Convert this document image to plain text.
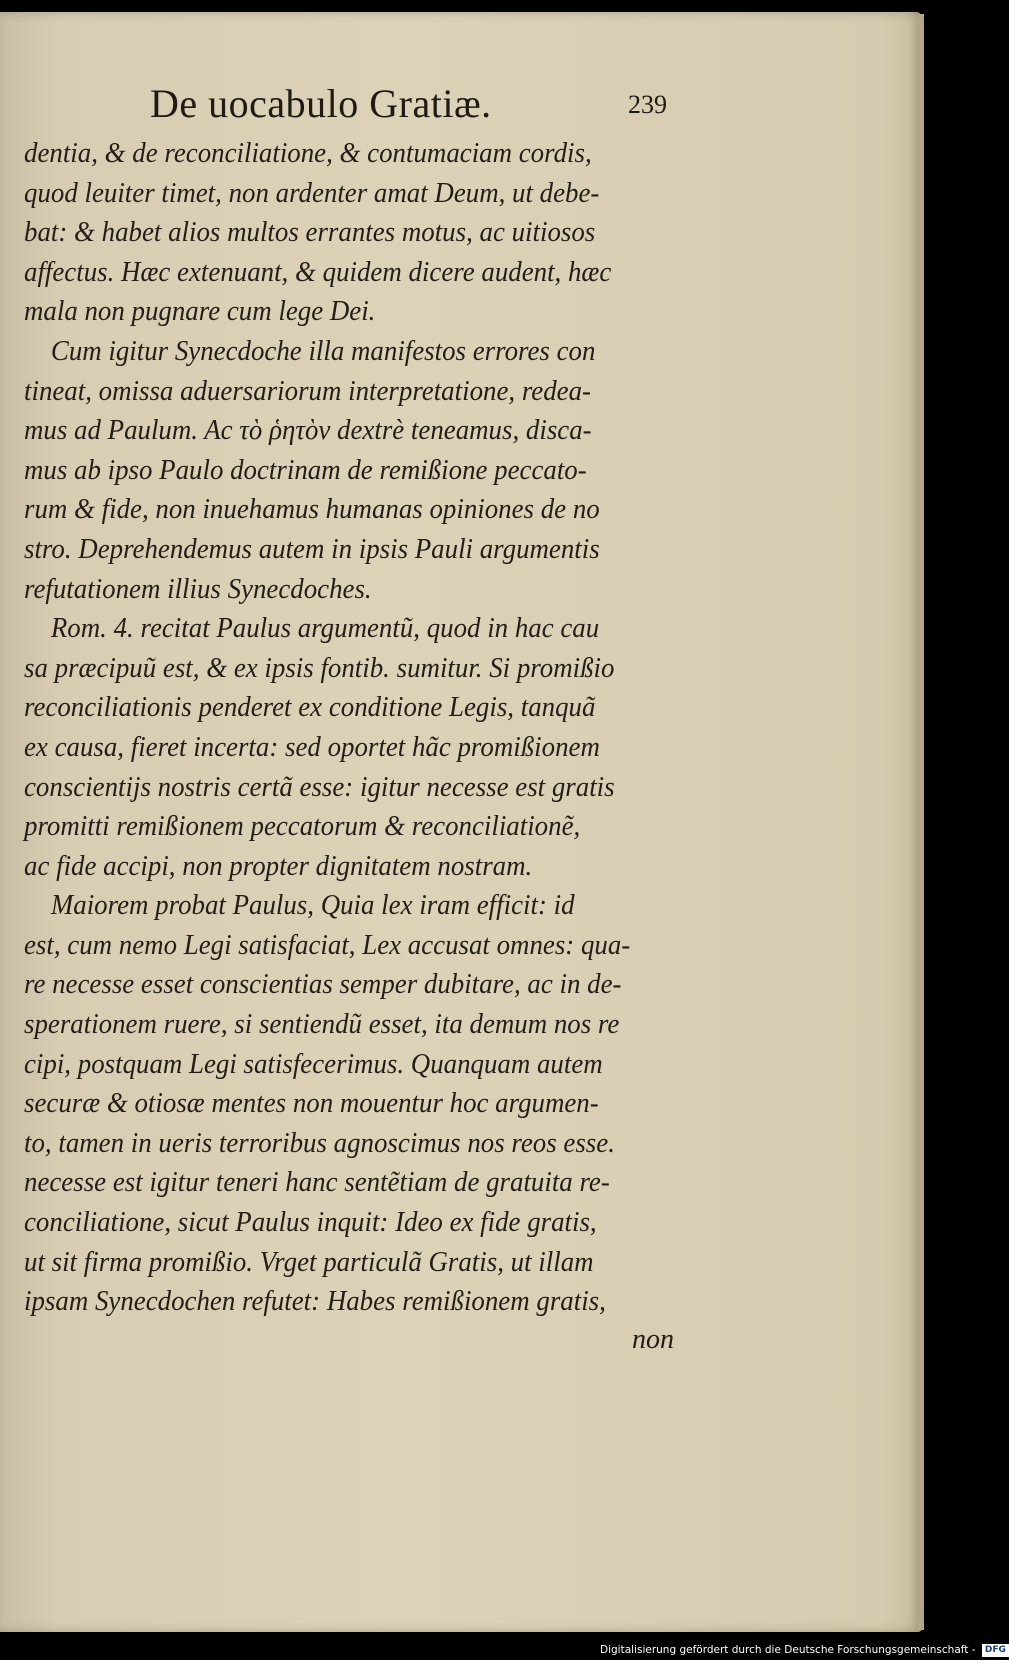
De uocabulo Gratiæ.	239
dentia, & de reconciliatione, & contumaciam cordis,
quod leuiter timet, non ardenter amat Deum, ut debe-
bat: & habet alios multos errantes motus, ac uitiosos
affectus. Hæc extenuant, & quidem dicere audent, hæc
mala non pugnare cum lege Dei.
Cum igitur Synecdoche illa manifestos errores con
tineat, omissa aduersariorum interpretatione, redea-
mus ad Paulum. Ac τὸ ῥητὸν dextrè teneamus, disca-
mus ab ipso Paulo doctrinam de remißione peccato-
rum & fide, non inuehamus humanas opiniones de no
stro. Deprehendemus autem in ipsis Pauli argumentis
refutationem illius Synecdoches.
Rom. 4. recitat Paulus argumentũ, quod in hac cau
sa præcipuũ est, & ex ipsis fontib. sumitur. Si promißio
reconciliationis penderet ex conditione Legis, tanquã
ex causa, fieret incerta: sed oportet hãc promißionem
conscientijs nostris certã esse: igitur necesse est gratis
promitti remißionem peccatorum & reconciliationẽ,
ac fide accipi, non propter dignitatem nostram.
Maiorem probat Paulus, Quia lex iram efficit: id
est, cum nemo Legi satisfaciat, Lex accusat omnes: qua-
re necesse esset conscientias semper dubitare, ac in de-
sperationem ruere, si sentiendũ esset, ita demum nos re
cipi, postquam Legi satisfecerimus. Quanquam autem
securæ & otiosæ mentes non mouentur hoc argumen-
to, tamen in ueris terroribus agnoscimus nos reos esse.
necesse est igitur teneri hanc sentẽtiam de gratuita re-
conciliatione, sicut Paulus inquit: Ideo ex fide gratis,
ut sit firma promißio. Vrget particulã Gratis, ut illam
ipsam Synecdochen refutet: Habes remißionem gratis,
non
Digitalisierung gefördert durch die Deutsche Forschungsgemeinschaft - DFG
